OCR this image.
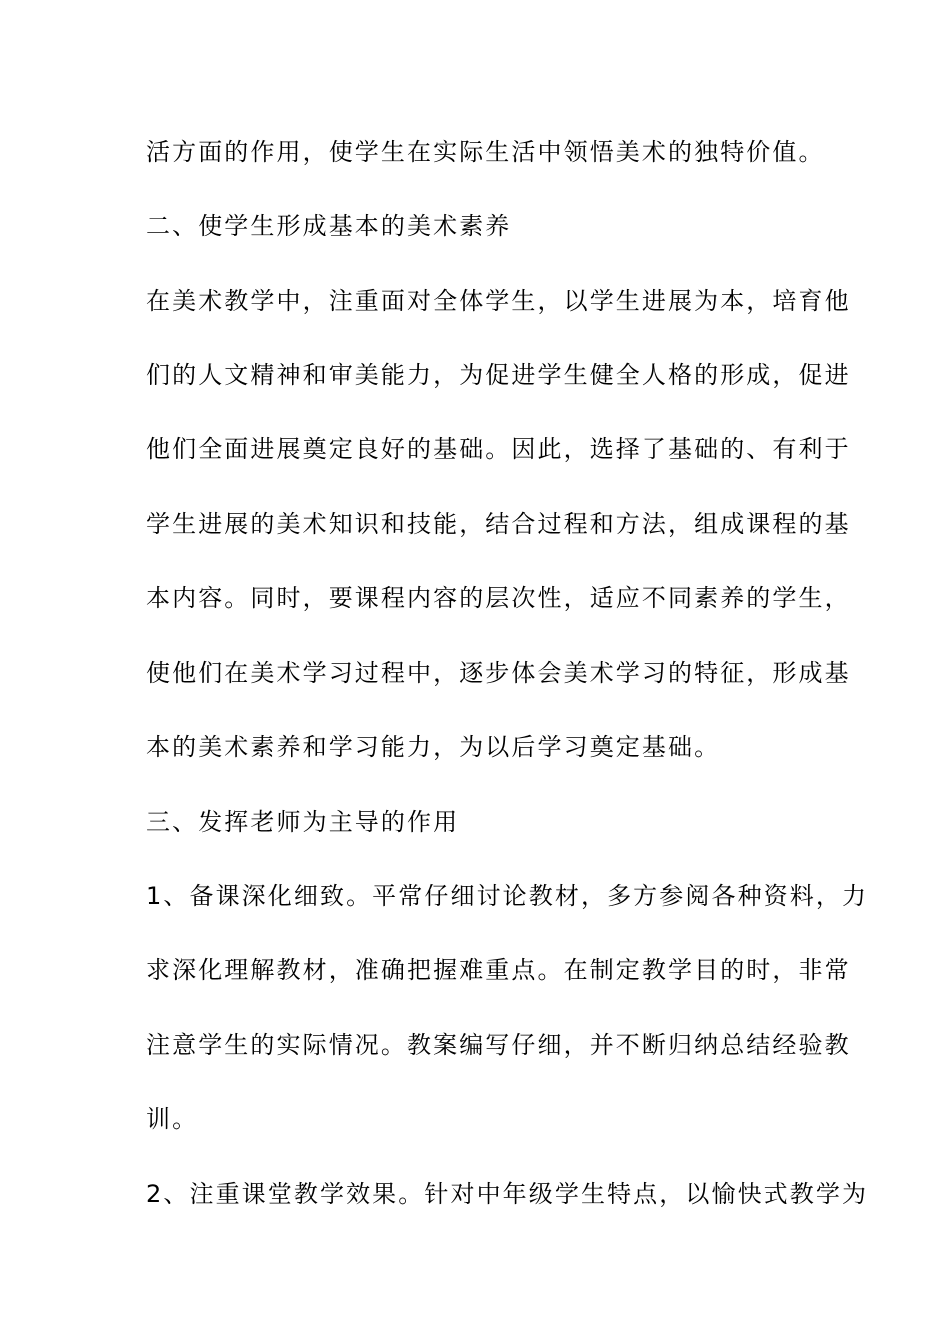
活方面的作用，使学生在实际生活中领悟美术的独特价值。
二、使学生形成基本的美术素养
在美术教学中，注重面对全体学生，以学生进展为本，培育他
们的人文精神和审美能力，为促进学生健全人格的形成，促进
他们全面进展奠定良好的基础。因此，选择了基础的、有利于
学生进展的美术知识和技能，结合过程和方法，组成课程的基
本内容。同时，要课程内容的层次性，适应不同素养的学生，
使他们在美术学习过程中，逐步体会美术学习的特征，形成基
本的美术素养和学习能力，为以后学习奠定基础。
三、发挥老师为主导的作用
1、备课深化细致。平常仔细讨论教材，多方参阅各种资料，力
求深化理解教材，准确把握难重点。在制定教学目的时，非常
注意学生的实际情况。教案编写仔细，并不断归纳总结经验教
训。
2、注重课堂教学效果。针对中年级学生特点，以愉快式教学为
